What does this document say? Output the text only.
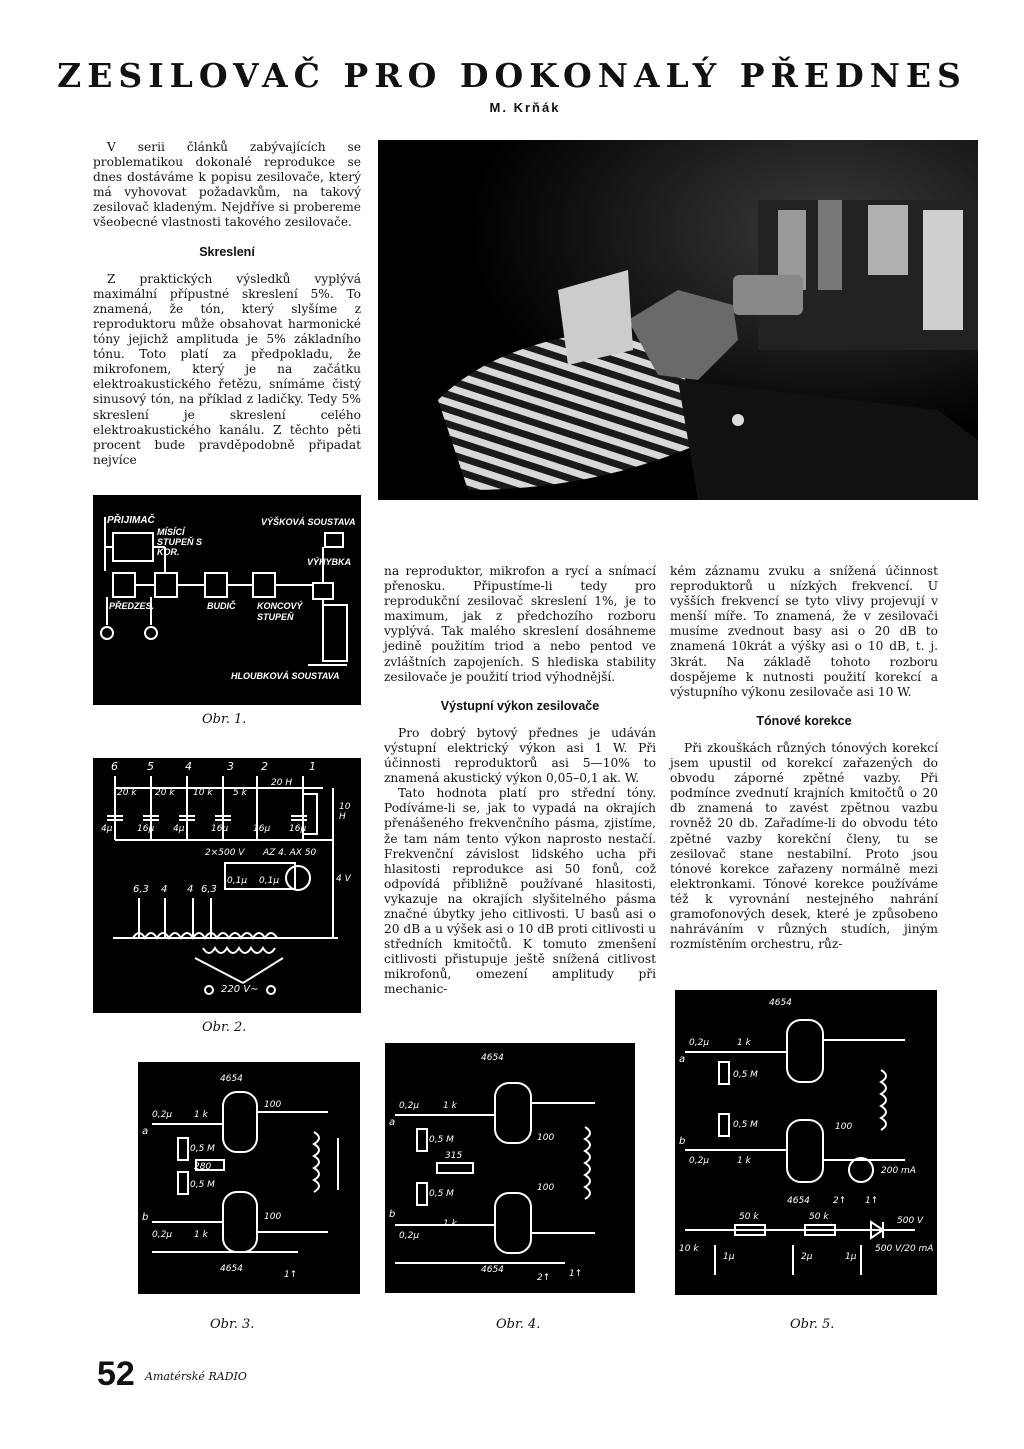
ZESILOVAČ PRO DOKONALÝ PŘEDNES
M. Krňák

V serii článků zabývajících se problematikou dokonalé reprodukce se dnes dostáváme k popisu zesilovače, který má vyhovovat požadavkům, na takový zesilovač kladeným. Nejdříve si probereme všeobecné vlastnosti takového zesilovače.

Skreslení

Z praktických výsledků vyplývá maximální přípustné skreslení 5%. To znamená, že tón, který slyšíme z reproduktoru může obsahovat harmonické tóny jejichž amplituda je 5% základního tónu. Toto platí za předpokladu, že mikrofonem, který je na začátku elektroakustického řetězu, snímáme čistý sinusový tón, na příklad z ladičky. Tedy 5% skreslení je skreslení celého elektroakustického kanálu. Z těchto pěti procent bude pravděpodobně připadat nejvíce

PŘIJIMAČ
MÍSÍCÍ STUPEŇ S KOR.
VÝŠKOVÁ SOUSTAVA
VÝHYBKA
PŘEDZES.	BUDIČ KONCOVÝ STUPEŇ
HLOUBKOVÁ SOUSTAVA
Obr. 1.
6	5	4	3 2	1
20 k 20 k 10 k 5 k
20 H
4μ	16μ 4μ	16μ	16μ 16μ
10 H
2×500 V AZ 4. AX 50
4 V
6,3 4 4 6,3
0,1μ 0,1μ
220 V∼
Obr. 2.

na reproduktor, mikrofon a rycí a snímací přenosku. Připustíme-li tedy pro reprodukční zesilovač skreslení 1%, je to maximum, jak z předchozího rozboru vyplývá. Tak malého skreslení dosáhneme jedině použitím triod a nebo pentod ve zvláštních zapojeních. S hlediska stability zesilovače je použití triod výhodnější.

Výstupní výkon zesilovače

Pro dobrý bytový přednes je udáván výstupní elektrický výkon asi 1 W. Při účinnosti reproduktorů asi 5—10% to znamená akustický výkon 0,05–0,1 ak. W.

Tato hodnota platí pro střední tóny. Podíváme-li se, jak to vypadá na okrajích přenášeného frekvenčního pásma, zjistíme, že tam nám tento výkon naprosto nestačí. Frekvenční závislost lidského ucha při hlasitosti reprodukce asi 50 fonů, což odpovídá přibližně používané hlasitosti, vykazuje na okrajích slyšitelného pásma značné úbytky jeho citlivosti. U basů asi o 20 dB a u výšek asi o 10 dB proti citlivosti u středních kmitočtů. K tomuto zmenšení citlivosti přistupuje ještě snížená citlivost mikrofonů, omezení amplitudy při mechanic-

kém záznamu zvuku a snížená účinnost reproduktorů u nízkých frekvencí. U vyšších frekvencí se tyto vlivy projevují v menší míře. To znamená, že v zesilovači musíme zvednout basy asi o 20 dB to znamená 10krát a výšky asi o 10 dB, t. j. 3krát. Na základě tohoto rozboru dospějeme k nutnosti použití korekcí a výstupního výkonu zesilovače asi 10 W.

Tónové korekce

Při zkouškách různých tónových korekcí jsem upustil od korekcí zařazených do obvodu záporné zpětné vazby. Při podmínce zvednutí krajních kmitočtů o 20 db znamená to zavést zpětnou vazbu rovněž 20 db. Zařadíme-li do obvodu této zpětné vazby korekční členy, tu se zesilovač stane nestabilní. Proto jsou tónové korekce zařazeny normálně mezi elektronkami. Tónové korekce používáme též k vyrovnání nestejného nahrání gramofonových desek, které je způsobeno nahráváním v různých studích, jiným rozmístěním orchestru, růz-

4654
0,2μ 1 k
0,5 M
280
0,5 M
0,2μ 1 k
100
100
4654
1↑
a
b
Obr. 3.
4654
0,2μ	1 k
0,5 M
315
0,5 M
0,2μ
1 k
100
100
4654
2↑ 1↑
a
b
Obr. 4.
4654
0,2μ	1 k
0,5 M
0,5 M
0,2μ	1 k
100
200 mA
4654	2↑ 1↑
50 k	50 k
10 k
1μ	2μ	1μ
500 V
500 V/20 mA
a
b
Obr. 5.
52 Amatérské RADIO
